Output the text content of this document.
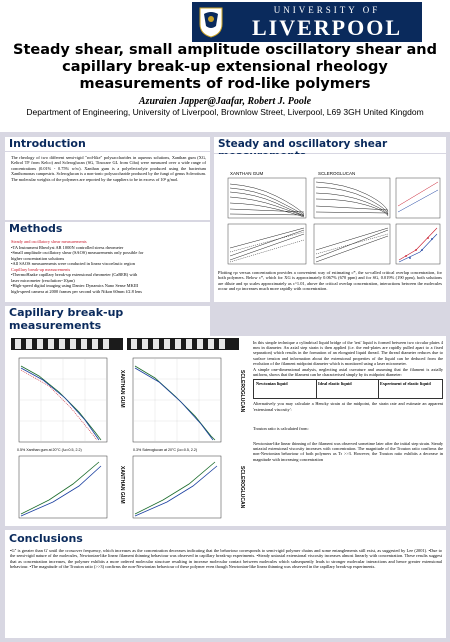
UNIVERSITY OF
LIVERPOOL
Steady shear, small amplitude oscillatory shear and capillary break-up extensional rheology measurements of rod-like polymers
Azuraien Japper@Jaafar, Robert J. Poole
Department of Engineering, University of Liverpool, Brownlow Street, Liverpool, L69 3GH United Kingdom
Introduction
The rheology of two different semi-rigid "rod-like" polysaccharides in aqueous solutions, Xanthan gum (XG, Keltrol TF from Kelco) and Scleroglucan (SG, Tinocare GL from Ciba) were measured over a wide range of concentrations (0.01% - 0.75% w/w). Xanthan gum is a polyelectrolyte produced using the bacterium Xanthomonas campestris. Scleroglucan is a non-ionic polysaccharide produced by the fungi of genus Sclerotium. The molecular weights of the polymers are reported by the suppliers to be in excess of 10⁶ g/mol.
Methods
Steady and oscillatory shear measurements
•TA Instrument Rheolyst AR 1000N controlled stress rheometer
•Small amplitude oscillatory shear (SAOS) measurements only possible for
higher concentration solutions
•All SAOS measurements were conducted in linear viscoelastic region
Capillary break-up measurements
•ThermoHaake capillary break-up extensional rheometer (CaBER) with
laser micrometer (resolution~10μm)
•High-speed digital imaging using Dantec Dynamics Nano Sense MKIII
high-speed camera at 2000 frames per second with Nikon 60mm f/2.8 lens
Steady and oscillatory shear
XANTHAN GUM	SCLEROGLUCAN
Plotting ηo versus concentration provides a convenient way of estimating c*, the so-called critical overlap concentration, for both polymers. Below c*, which for XG is approximately 0.067% (670 ppm) and for SG, 0.019% (190 ppm), both solutions are dilute and ηo scales approximately as c^1.01, above the critical overlap concentration, interactions between the molecules occur and ηo increases much more rapidly with concentration.
Capillary break-up measurements
XANTHAN GUM	SCLEROGLUCAN
0.5% Xanthan gum at 20°C (λc=0.5, 2.2)	0.3% Scleroglucan at 20°C (λc=0.5, 2.2)
XANTHAN GUM	SCLEROGLUCAN
In this simple technique a cylindrical liquid bridge of the 'test' liquid is formed between two circular plates 4 mm in diameter. An axial step strain is then applied (i.e. the end-plates are rapidly pulled apart to a fixed separation) which results in the formation of an elongated liquid thread. The thread diameter reduces due to surface tension and information about the extensional properties of the liquid can be deduced from the evolution of the filament midpoint diameter which is monitored using a laser micrometer.
A simple one-dimensional analysis, neglecting axial curvature and assuming that the filament is axially uniform, shows that the filament can be characterised simply by its midpoint diameter:
Newtonian liquid	Ideal elastic liquid	Experiment of elastic liquid
Alternatively you may calculate a Hencky strain at the midpoint, the strain rate and estimate an apparent 'extensional viscosity':
Trouton ratio is calculated from:
Newtonian-like linear thinning of the filament was observed sometime later after the initial step strain. Steady uniaxial extensional viscosity increases with concentration. The magnitude of the Trouton ratio confirms the non-Newtonian behaviour of both polymers as Tr >>3. However, the Trouton ratio exhibits a decrease in magnitude with increasing concentration
Conclusions
•G'' is greater than G' until the crossover frequency, which increases as the concentration decreases indicating that the behaviour corresponds to semi-rigid polymer chains and some entanglements still exist, as suggested by Lee (2001). •Due to the semi-rigid nature of the molecules, Newtonian-like linear filament thinning behaviour was observed in capillary break-up experiments. •Steady uniaxial extensional viscosity increases almost linearly with concentration. These results suggest that as concentration increases, the polymer exhibits a more ordered molecular structure resulting in increase molecular contact between molecules which subsequently leads to stronger molecular interactions and hence greater extensional behaviour. •The magnitude of the Trouton ratio (>>3) confirms the non-Newtonian behaviour of these polymer even though Newtonian-like linear thinning was observed in the capillary break-up experiments.
